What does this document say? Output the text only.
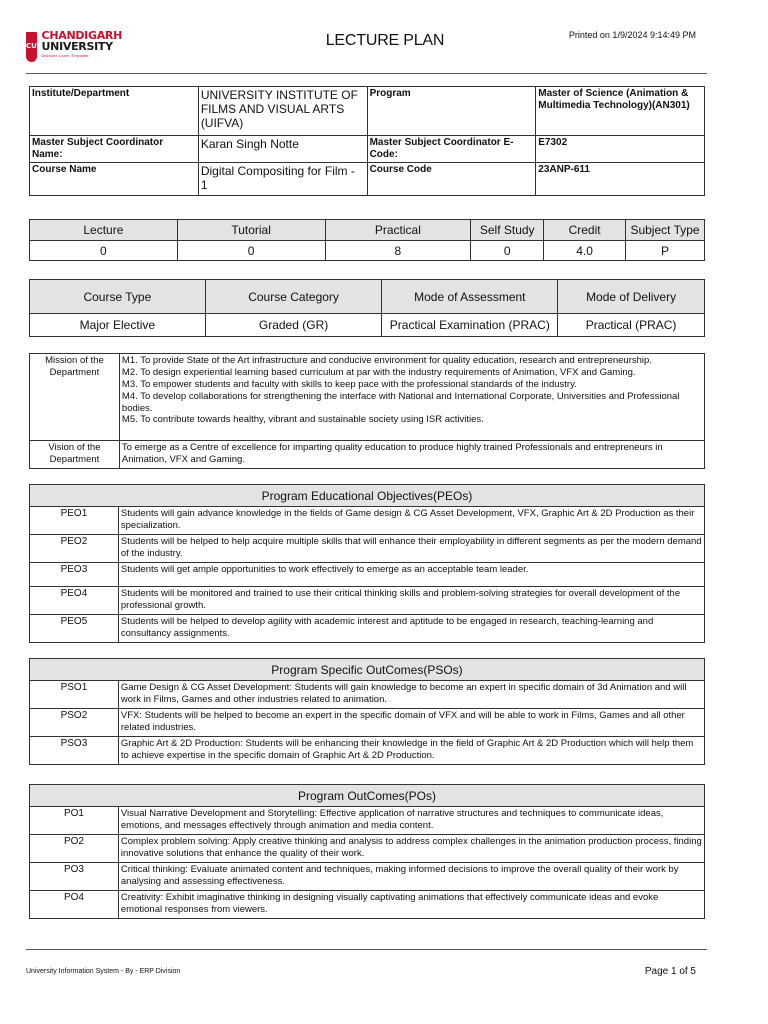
CU
CHANDIGARH
UNIVERSITY
Discover. Learn. Empower.
LECTURE PLAN	Printed on 1/9/2024 9:14:49 PM
Institute/Department	UNIVERSITY INSTITUTE OF FILMS AND VISUAL ARTS (UIFVA)	Program	Master of Science (Animation & Multimedia Technology)(AN301)
Master Subject Coordinator Name:	Karan Singh Notte	Master Subject Coordinator E-Code:	E7302
Course Name	Digital Compositing for Film - 1	Course Code	23ANP-611
Lecture	Tutorial	Practical	Self Study	Credit	Subject Type
0	0	8	0	4.0	P
Course Type	Course Category	Mode of Assessment	Mode of Delivery
Major Elective	Graded (GR)	Practical Examination (PRAC)	Practical (PRAC)
Mission of the Department	M1. To provide State of the Art infrastructure and conducive environment for quality education, research and entrepreneurship.
M2. To design experiential learning based curriculum at par with the industry requirements of Animation, VFX and Gaming.
M3. To empower students and faculty with skills to keep pace with the professional standards of the industry.
M4. To develop collaborations for strengthening the interface with National and International Corporate, Universities and Professional bodies.
M5. To contribute towards healthy, vibrant and sustainable society using ISR activities.

Vision of the Department	To emerge as a Centre of excellence for imparting quality education to produce highly trained Professionals and entrepreneurs in Animation, VFX and Gaming.
Program Educational Objectives(PEOs)	
PEO1	Students will gain advance knowledge in the fields of Game design & CG Asset Development, VFX, Graphic Art & 2D Production as their specialization.
PEO2	Students will be helped to help acquire multiple skills that will enhance their employability in different segments as per the modern demand of the industry.
PEO3	Students will get ample opportunities to work effectively to emerge as an acceptable team leader.
PEO4	Students will be monitored and trained to use their critical thinking skills and problem-solving strategies for overall development of the professional growth.
PEO5	Students will be helped to develop agility with academic interest and aptitude to be engaged in research, teaching-learning and consultancy assignments.
Program Specific OutComes(PSOs)	
PSO1	Game Design & CG Asset Development: Students will gain knowledge to become an expert in specific domain of 3d Animation and will work in Films, Games and other industries related to animation.
PSO2	VFX: Students will be helped to become an expert in the specific domain of VFX and will be able to work in Films, Games and all other related industries.
PSO3	Graphic Art & 2D Production: Students will be enhancing their knowledge in the field of Graphic Art & 2D Production which will help them to achieve expertise in the specific domain of Graphic Art & 2D Production.
Program OutComes(POs)	
PO1	Visual Narrative Development and Storytelling: Effective application of narrative structures and techniques to communicate ideas, emotions, and messages effectively through animation and media content.
PO2	Complex problem solving: Apply creative thinking and analysis to address complex challenges in the animation production process, finding innovative solutions that enhance the quality of their work.
PO3	Critical thinking: Evaluate animated content and techniques, making informed decisions to improve the overall quality of their work by analysing and assessing effectiveness.
PO4	Creativity: Exhibit imaginative thinking in designing visually captivating animations that effectively communicate ideas and evoke emotional responses from viewers.
University Information System - By - ERP Division	Page 1 of 5
